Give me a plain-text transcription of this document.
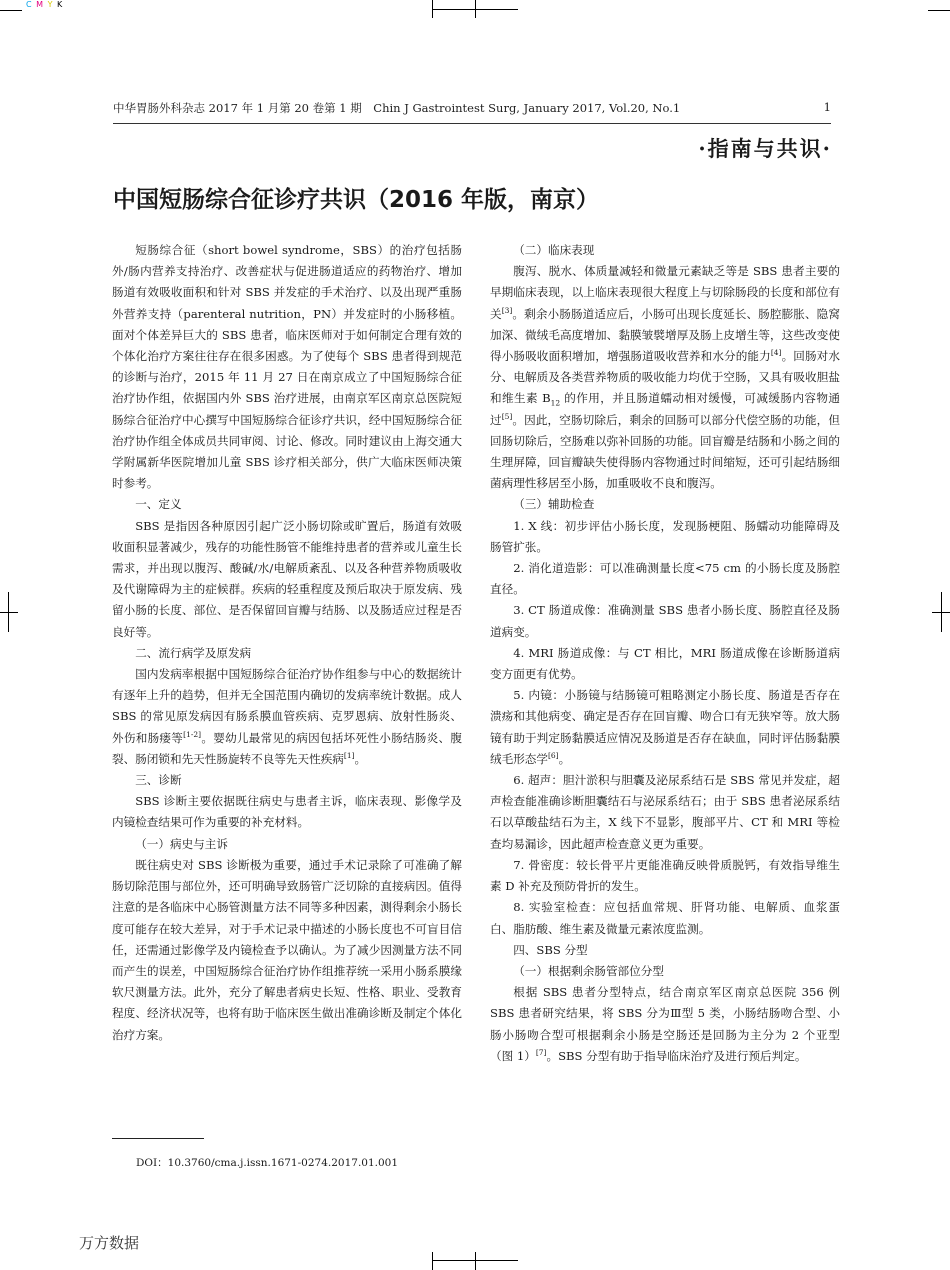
C M Y K
中华胃肠外科杂志 2017 年 1 月第 20 卷第 1 期　Chin J Gastrointest Surg, January 2017, Vol.20, No.1	1
·指南与共识·
中国短肠综合征诊疗共识（2016 年版，南京）

短肠综合征（short bowel syndrome，SBS）的治疗包括肠外/肠内营养支持治疗、改善症状与促进肠道适应的药物治疗、增加肠道有效吸收面积和针对 SBS 并发症的手术治疗、以及出现严重肠外营养支持（parenteral nutrition，PN）并发症时的小肠移植。面对个体差异巨大的 SBS 患者，临床医师对于如何制定合理有效的个体化治疗方案往往存在很多困惑。为了使每个 SBS 患者得到规范的诊断与治疗，2015 年 11 月 27 日在南京成立了中国短肠综合征治疗协作组，依据国内外 SBS 治疗进展，由南京军区南京总医院短肠综合征治疗中心撰写中国短肠综合征诊疗共识，经中国短肠综合征治疗协作组全体成员共同审阅、讨论、修改。同时建议由上海交通大学附属新华医院增加儿童 SBS 诊疗相关部分，供广大临床医师决策时参考。

一、定义

SBS 是指因各种原因引起广泛小肠切除或旷置后，肠道有效吸收面积显著减少，残存的功能性肠管不能维持患者的营养或儿童生长需求，并出现以腹泻、酸碱/水/电解质紊乱、以及各种营养物质吸收及代谢障碍为主的症候群。疾病的轻重程度及预后取决于原发病、残留小肠的长度、部位、是否保留回盲瓣与结肠、以及肠适应过程是否良好等。

二、流行病学及原发病

国内发病率根据中国短肠综合征治疗协作组参与中心的数据统计有逐年上升的趋势，但并无全国范围内确切的发病率统计数据。成人 SBS 的常见原发病因有肠系膜血管疾病、克罗恩病、放射性肠炎、外伤和肠瘘等[1-2]。婴幼儿最常见的病因包括坏死性小肠结肠炎、腹裂、肠闭锁和先天性肠旋转不良等先天性疾病[1]。

三、诊断

SBS 诊断主要依据既往病史与患者主诉，临床表现、影像学及内镜检查结果可作为重要的补充材料。

（一）病史与主诉

既往病史对 SBS 诊断极为重要，通过手术记录除了可准确了解肠切除范围与部位外，还可明确导致肠管广泛切除的直接病因。值得注意的是各临床中心肠管测量方法不同等多种因素，测得剩余小肠长度可能存在较大差异，对于手术记录中描述的小肠长度也不可盲目信任，还需通过影像学及内镜检查予以确认。为了减少因测量方法不同而产生的误差，中国短肠综合征治疗协作组推荐统一采用小肠系膜缘软尺测量方法。此外，充分了解患者病史长短、性格、职业、受教育程度、经济状况等，也将有助于临床医生做出准确诊断及制定个体化治疗方案。

（二）临床表现

腹泻、脱水、体质量减轻和微量元素缺乏等是 SBS 患者主要的早期临床表现，以上临床表现很大程度上与切除肠段的长度和部位有关[3]。剩余小肠肠道适应后，小肠可出现长度延长、肠腔膨胀、隐窝加深、微绒毛高度增加、黏膜皱襞增厚及肠上皮增生等，这些改变使得小肠吸收面积增加，增强肠道吸收营养和水分的能力[4]。回肠对水分、电解质及各类营养物质的吸收能力均优于空肠，又具有吸收胆盐和维生素 $B_{12}$ 的作用，并且肠道蠕动相对缓慢，可减缓肠内容物通过[5]。因此，空肠切除后，剩余的回肠可以部分代偿空肠的功能，但回肠切除后，空肠难以弥补回肠的功能。回盲瓣是结肠和小肠之间的生理屏障，回盲瓣缺失使得肠内容物通过时间缩短，还可引起结肠细菌病理性移居至小肠，加重吸收不良和腹泻。

（三）辅助检查

1. X 线：初步评估小肠长度，发现肠梗阻、肠蠕动功能障碍及肠管扩张。

2. 消化道造影：可以准确测量长度<75 cm 的小肠长度及肠腔直径。

3. CT 肠道成像：准确测量 SBS 患者小肠长度、肠腔直径及肠道病变。

4. MRI 肠道成像：与 CT 相比，MRI 肠道成像在诊断肠道病变方面更有优势。

5. 内镜：小肠镜与结肠镜可粗略测定小肠长度、肠道是否存在溃疡和其他病变、确定是否存在回盲瓣、吻合口有无狭窄等。放大肠镜有助于判定肠黏膜适应情况及肠道是否存在缺血，同时评估肠黏膜绒毛形态学[6]。

6. 超声：胆汁淤积与胆囊及泌尿系结石是 SBS 常见并发症，超声检查能准确诊断胆囊结石与泌尿系结石；由于 SBS 患者泌尿系结石以草酸盐结石为主，X 线下不显影，腹部平片、CT 和 MRI 等检查均易漏诊，因此超声检查意义更为重要。

7. 骨密度：较长骨平片更能准确反映骨质脱钙，有效指导维生素 D 补充及预防骨折的发生。

8. 实验室检查：应包括血常规、肝肾功能、电解质、血浆蛋白、脂肪酸、维生素及微量元素浓度监测。

四、SBS 分型

（一）根据剩余肠管部位分型

根据 SBS 患者分型特点，结合南京军区南京总医院 356 例 SBS 患者研究结果，将 SBS 分为Ⅲ型 5 类，小肠结肠吻合型、小肠小肠吻合型可根据剩余小肠是空肠还是回肠为主分为 2 个亚型（图 1）[7]。SBS 分型有助于指导临床治疗及进行预后判定。

DOI：10.3760/cma.j.issn.1671-0274.2017.01.001
万方数据
